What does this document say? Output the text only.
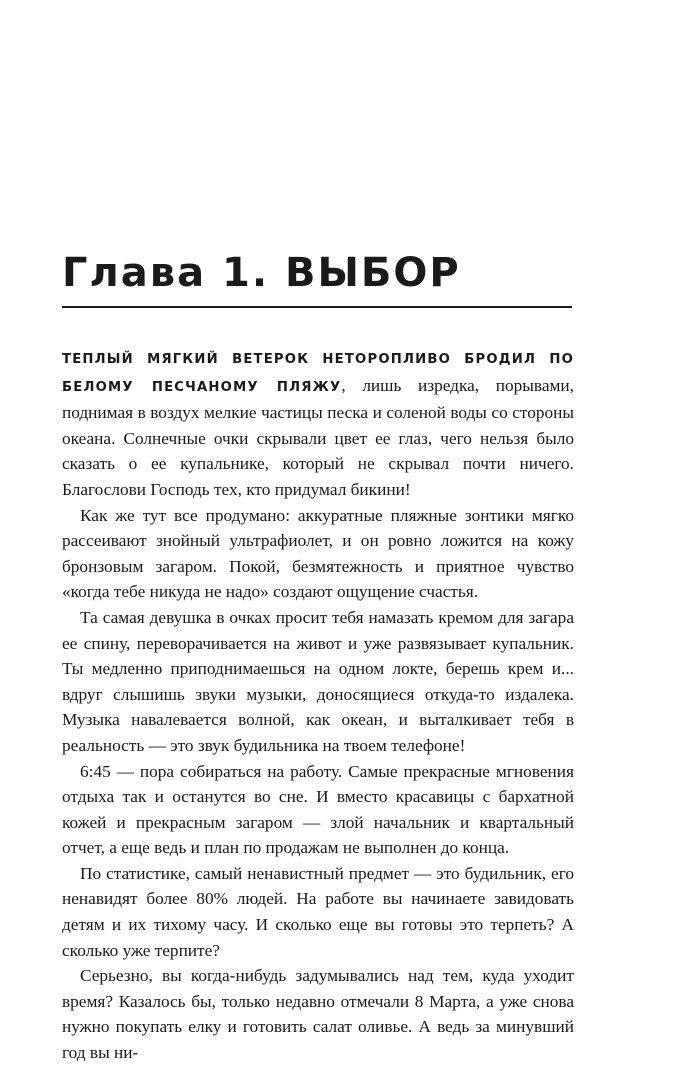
Глава 1. ВЫБОР

ТЕПЛЫЙ МЯГКИЙ ВЕТЕРОК НЕТОРОПЛИВО БРОДИЛ ПО БЕЛОМУ ПЕСЧАНОМУ ПЛЯЖУ, лишь изредка, порывами, поднимая в воздух мелкие частицы песка и соленой воды со стороны океана. Солнечные очки скрывали цвет ее глаз, чего нельзя было сказать о ее купальнике, который не скрывал почти ничего. Благослови Господь тех, кто придумал бикини!

Как же тут все продумано: аккуратные пляжные зонтики мягко рассеивают знойный ультрафиолет, и он ровно ложится на кожу бронзовым загаром. Покой, безмятежность и приятное чувство «когда тебе никуда не надо» создают ощущение счастья.

Та самая девушка в очках просит тебя намазать кремом для загара ее спину, переворачивается на живот и уже развязывает купальник. Ты медленно приподнимаешься на одном локте, берешь крем и... вдруг слышишь звуки музыки, доносящиеся откуда-то издалека. Музыка навалевается волной, как океан, и выталкивает тебя в реальность — это звук будильника на твоем телефоне!

6:45 — пора собираться на работу. Самые прекрасные мгновения отдыха так и останутся во сне. И вместо красавицы с бархатной кожей и прекрасным загаром — злой начальник и квартальный отчет, а еще ведь и план по продажам не выполнен до конца.

По статистике, самый ненавистный предмет — это будильник, его ненавидят более 80% людей. На работе вы начинаете завидовать детям и их тихому часу. И сколько еще вы готовы это терпеть? А сколько уже терпите?

Серьезно, вы когда-нибудь задумывались над тем, куда уходит время? Казалось бы, только недавно отмечали 8 Марта, а уже снова нужно покупать елку и готовить салат оливье. А ведь за минувший год вы ни-
